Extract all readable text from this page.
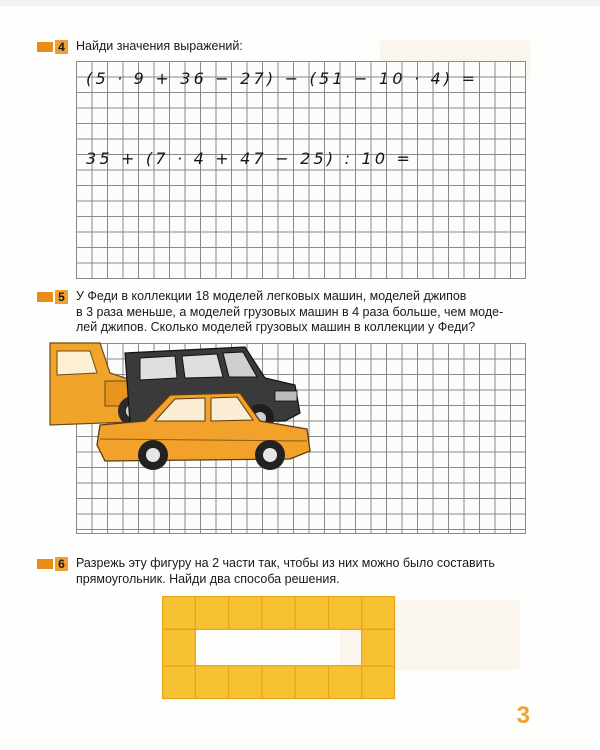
4 Найди значения выражений:
(5 · 9 + 36 − 27) − (51 − 10 · 4) =
35 + (7 · 4 + 47 − 25) : 10 =
5 У Феди в коллекции 18 моделей легковых машин, моделей джипов
в 3 раза меньше, а моделей грузовых машин в 4 раза больше, чем моде-
лей джипов. Сколько моделей грузовых машин в коллекции у Феди?
6 Разрежь эту фигуру на 2 части так, чтобы из них можно было составить
прямоугольник. Найди два способа решения.
3
